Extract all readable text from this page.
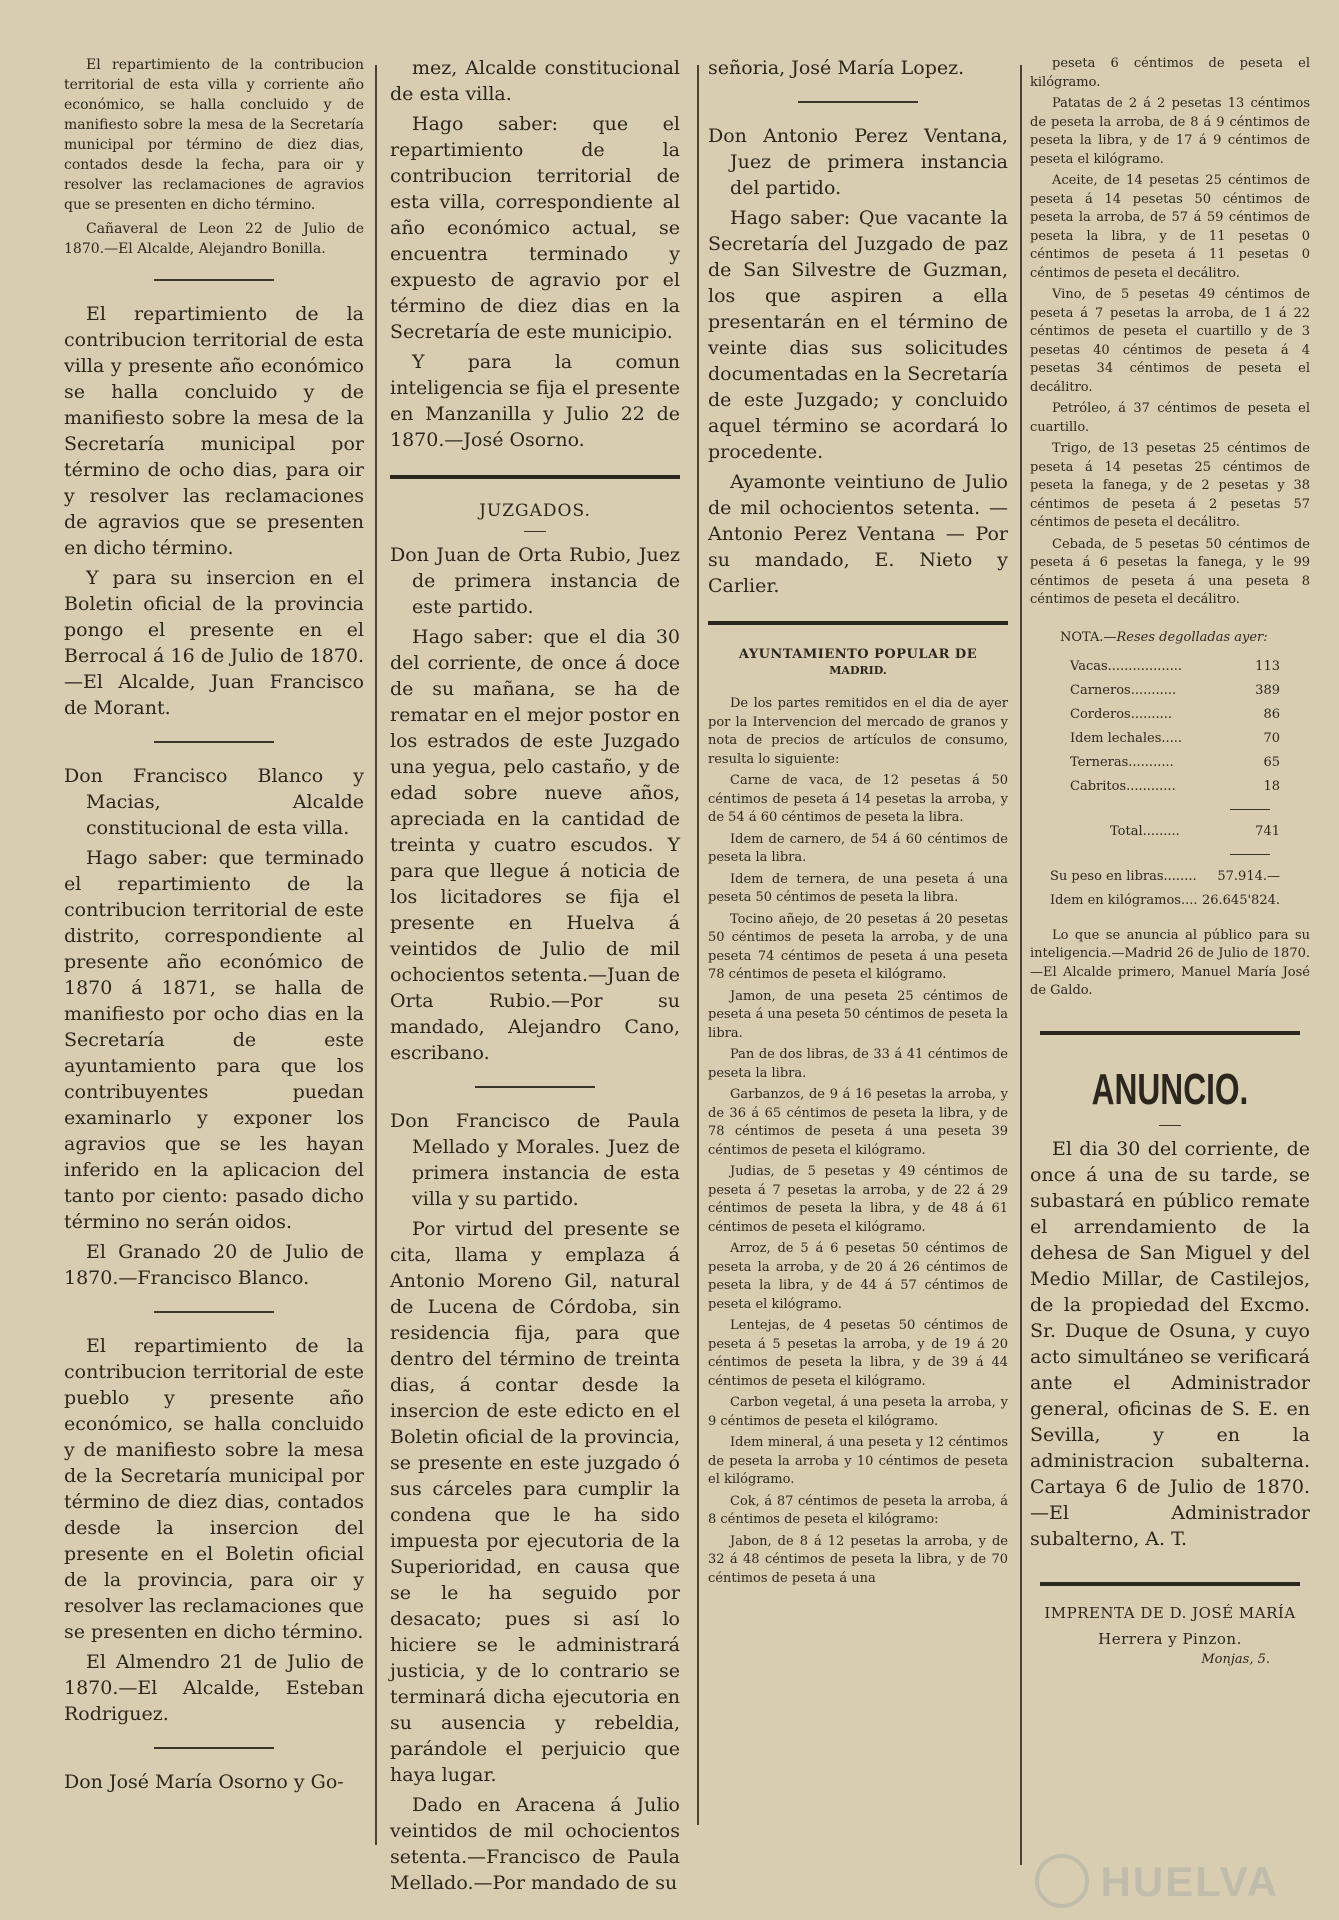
El repartimiento de la contribucion territorial de esta villa y corriente año económico, se halla concluido y de manifiesto sobre la mesa de la Secretaría municipal por término de diez dias, contados desde la fecha, para oir y resolver las reclamaciones de agravios que se presenten en dicho término.

Cañaveral de Leon 22 de Julio de 1870.—El Alcalde, Alejandro Bonilla.

El repartimiento de la contribucion territorial de esta villa y presente año económico se halla concluido y de manifiesto sobre la mesa de la Secretaría municipal por término de ocho dias, para oir y resolver las reclamaciones de agravios que se presenten en dicho término.

Y para su insercion en el Boletin oficial de la provincia pongo el presente en el Berrocal á 16 de Julio de 1870. —El Alcalde, Juan Francisco de Morant.

Don Francisco Blanco y Macias, Alcalde constitucional de esta villa.

Hago saber: que terminado el repartimiento de la contribucion territorial de este distrito, correspondiente al presente año económico de 1870 á 1871, se halla de manifiesto por ocho dias en la Secretaría de este ayuntamiento para que los contribuyentes puedan examinarlo y exponer los agravios que se les hayan inferido en la aplicacion del tanto por ciento: pasado dicho término no serán oidos.

El Granado 20 de Julio de 1870.—Francisco Blanco.

El repartimiento de la contribucion territorial de este pueblo y presente año económico, se halla concluido y de manifiesto sobre la mesa de la Secretaría municipal por término de diez dias, contados desde la insercion del presente en el Boletin oficial de la provincia, para oir y resolver las reclamaciones que se presenten en dicho término.

El Almendro 21 de Julio de 1870.—El Alcalde, Esteban Rodriguez.

Don José María Osorno y Go-

mez, Alcalde constitucional de esta villa.

Hago saber: que el repartimiento de la contribucion territorial de esta villa, correspondiente al año económico actual, se encuentra terminado y expuesto de agravio por el término de diez dias en la Secretaría de este municipio.

Y para la comun inteligencia se fija el presente en Manzanilla y Julio 22 de 1870.—José Osorno.

JUZGADOS.

Don Juan de Orta Rubio, Juez de primera instancia de este partido.

Hago saber: que el dia 30 del corriente, de once á doce de su mañana, se ha de rematar en el mejor postor en los estrados de este Juzgado una yegua, pelo castaño, y de edad sobre nueve años, apreciada en la cantidad de treinta y cuatro escudos. Y para que llegue á noticia de los licitadores se fija el presente en Huelva á veintidos de Julio de mil ochocientos setenta.—Juan de Orta Rubio.—Por su mandado, Alejandro Cano, escribano.

Don Francisco de Paula Mellado y Morales. Juez de primera instancia de esta villa y su partido.

Por virtud del presente se cita, llama y emplaza á Antonio Moreno Gil, natural de Lucena de Córdoba, sin residencia fija, para que dentro del término de treinta dias, á contar desde la insercion de este edicto en el Boletin oficial de la provincia, se presente en este juzgado ó sus cárceles para cumplir la condena que le ha sido impuesta por ejecutoria de la Superioridad, en causa que se le ha seguido por desacato; pues si así lo hiciere se le administrará justicia, y de lo contrario se terminará dicha ejecutoria en su ausencia y rebeldia, parándole el perjuicio que haya lugar.

Dado en Aracena á Julio veintidos de mil ochocientos setenta.—Francisco de Paula Mellado.—Por mandado de su

señoria, José María Lopez.

Don Antonio Perez Ventana, Juez de primera instancia del partido.

Hago saber: Que vacante la Secretaría del Juzgado de paz de San Silvestre de Guzman, los que aspiren a ella presentarán en el término de veinte dias sus solicitudes documentadas en la Secretaría de este Juzgado; y concluido aquel término se acordará lo procedente.

Ayamonte veintiuno de Julio de mil ochocientos setenta. —Antonio Perez Ventana — Por su mandado, E. Nieto y Carlier.

AYUNTAMIENTO POPULAR DE
MADRID.

De los partes remitidos en el dia de ayer por la Intervencion del mercado de granos y nota de precios de artículos de consumo, resulta lo siguiente:

Carne de vaca, de 12 pesetas á 50 céntimos de peseta á 14 pesetas la arroba, y de 54 á 60 céntimos de peseta la libra.

Idem de carnero, de 54 á 60 céntimos de peseta la libra.

Idem de ternera, de una peseta á una peseta 50 céntimos de peseta la libra.

Tocino añejo, de 20 pesetas á 20 pesetas 50 céntimos de peseta la arroba, y de una peseta 74 céntimos de peseta á una peseta 78 céntimos de peseta el kilógramo.

Jamon, de una peseta 25 céntimos de peseta á una peseta 50 céntimos de peseta la libra.

Pan de dos libras, de 33 á 41 céntimos de peseta la libra.

Garbanzos, de 9 á 16 pesetas la arroba, y de 36 á 65 céntimos de peseta la libra, y de 78 céntimos de peseta á una peseta 39 céntimos de peseta el kilógramo.

Judias, de 5 pesetas y 49 céntimos de peseta á 7 pesetas la arroba, y de 22 á 29 céntimos de peseta la libra, y de 48 á 61 céntimos de peseta el kilógramo.

Arroz, de 5 á 6 pesetas 50 céntimos de peseta la arroba, y de 20 á 26 céntimos de peseta la libra, y de 44 á 57 céntimos de peseta el kilógramo.

Lentejas, de 4 pesetas 50 céntimos de peseta á 5 pesetas la arroba, y de 19 á 20 céntimos de peseta la libra, y de 39 á 44 céntimos de peseta el kilógramo.

Carbon vegetal, á una peseta la arroba, y 9 céntimos de peseta el kilógramo.

Idem mineral, á una peseta y 12 céntimos de peseta la arroba y 10 céntimos de peseta el kilógramo.

Cok, á 87 céntimos de peseta la arroba, á 8 céntimos de peseta el kilógramo:

Jabon, de 8 á 12 pesetas la arroba, y de 32 á 48 céntimos de peseta la libra, y de 70 céntimos de peseta á una

peseta 6 céntimos de peseta el kilógramo.

Patatas de 2 á 2 pesetas 13 céntimos de peseta la arroba, de 8 á 9 céntimos de peseta la libra, y de 17 á 9 céntimos de peseta el kilógramo.

Aceite, de 14 pesetas 25 céntimos de peseta á 14 pesetas 50 céntimos de peseta la arroba, de 57 á 59 céntimos de peseta la libra, y de 11 pesetas 0 céntimos de peseta á 11 pesetas 0 céntimos de peseta el decálitro.

Vino, de 5 pesetas 49 céntimos de peseta á 7 pesetas la arroba, de 1 á 22 céntimos de peseta el cuartillo y de 3 pesetas 40 céntimos de peseta á 4 pesetas 34 céntimos de peseta el decálitro.

Petróleo, á 37 céntimos de peseta el cuartillo.

Trigo, de 13 pesetas 25 céntimos de peseta á 14 pesetas 25 céntimos de peseta la fanega, y de 2 pesetas y 38 céntimos de peseta á 2 pesetas 57 céntimos de peseta el decálitro.

Cebada, de 5 pesetas 50 céntimos de peseta á 6 pesetas la fanega, y le 99 céntimos de peseta á una peseta 8 céntimos de peseta el decálitro.

NOTA.—Reses degolladas ayer:
Vacas..................	113
Carneros...........	389
Corderos..........	86
Idem lechales.....	70
Terneras...........	65
Cabritos............	18
Total.........	741
Su peso en libras........	57.914.—
Idem en kilógramos....	26.645'824.

Lo que se anuncia al público para su inteligencia.—Madrid 26 de Julio de 1870.—El Alcalde primero, Manuel María José de Galdo.

ANUNCIO.

El dia 30 del corriente, de once á una de su tarde, se subastará en público remate el arrendamiento de la dehesa de San Miguel y del Medio Millar, de Castilejos, de la propiedad del Excmo. Sr. Duque de Osuna, y cuyo acto simultáneo se verificará ante el Administrador general, oficinas de S. E. en Sevilla, y en la administracion subalterna. Cartaya 6 de Julio de 1870. —El Administrador subalterno, A. T.

IMPRENTA DE D. JOSÉ MARÍA Herrera y Pinzon.
Monjas, 5.
HUELVA
